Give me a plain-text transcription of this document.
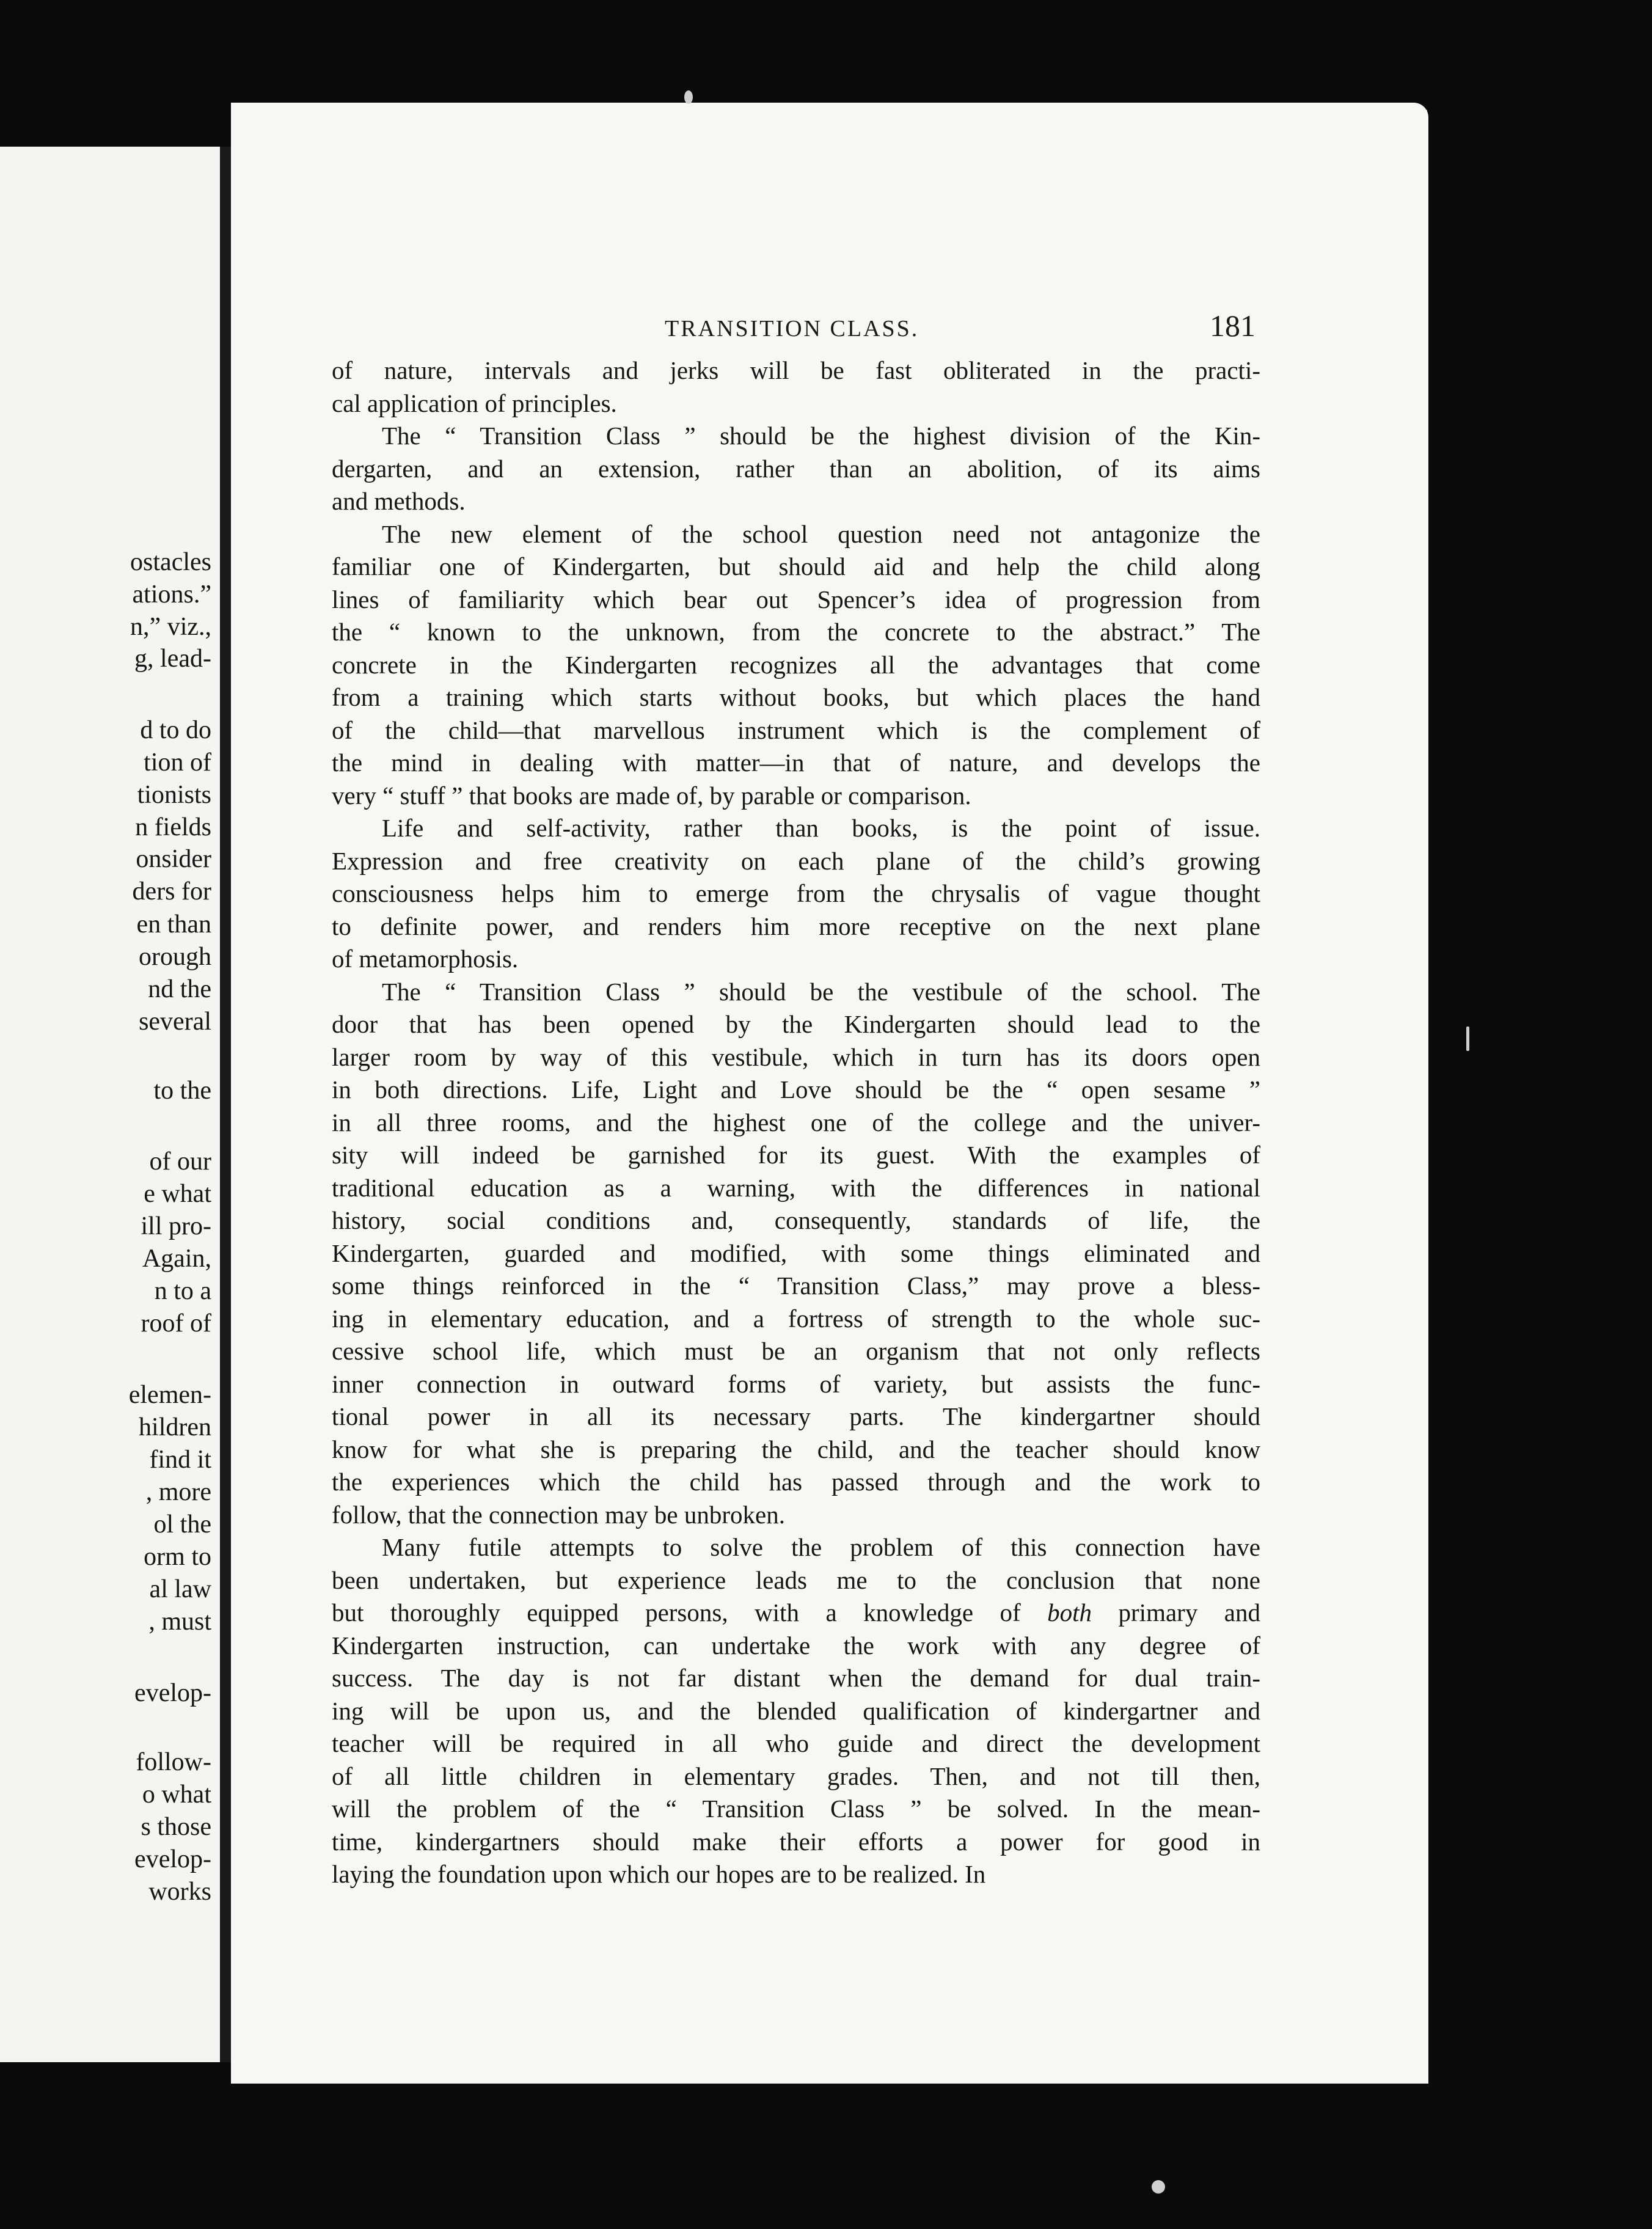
ostacles
ations.”
n,” viz.,
g, lead-
d to do
tion of
tionists
n fields
onsider
ders for
en than
orough
nd the
several
to the
of our
e what
ill pro-
Again,
n to a
roof of
elemen-
hildren
find it
, more
ol the
orm to
al law
, must
evelop-
follow-
o what
s those
evelop-
works
TRANSITION CLASS.	181

of nature, intervals and jerks will be fast obliterated in the practi-

cal application of principles.

The “ Transition Class ” should be the highest division of the Kin-

dergarten, and an extension, rather than an abolition, of its aims

and methods.

The new element of the school question need not antagonize the

familiar one of Kindergarten, but should aid and help the child along

lines of familiarity which bear out Spencer’s idea of progression from

the “ known to the unknown, from the concrete to the abstract.” The

concrete in the Kindergarten recognizes all the advantages that come

from a training which starts without books, but which places the hand

of the child—that marvellous instrument which is the complement of

the mind in dealing with matter—in that of nature, and develops the

very “ stuff ” that books are made of, by parable or comparison.

Life and self-activity, rather than books, is the point of issue.

Expression and free creativity on each plane of the child’s growing

consciousness helps him to emerge from the chrysalis of vague thought

to definite power, and renders him more receptive on the next plane

of metamorphosis.

The “ Transition Class ” should be the vestibule of the school. The

door that has been opened by the Kindergarten should lead to the

larger room by way of this vestibule, which in turn has its doors open

in both directions. Life, Light and Love should be the “ open sesame ”

in all three rooms, and the highest one of the college and the univer-

sity will indeed be garnished for its guest. With the examples of

traditional education as a warning, with the differences in national

history, social conditions and, consequently, standards of life, the

Kindergarten, guarded and modified, with some things eliminated and

some things reinforced in the “ Transition Class,” may prove a bless-

ing in elementary education, and a fortress of strength to the whole suc-

cessive school life, which must be an organism that not only reflects

inner connection in outward forms of variety, but assists the func-

tional power in all its necessary parts. The kindergartner should

know for what she is preparing the child, and the teacher should know

the experiences which the child has passed through and the work to

follow, that the connection may be unbroken.

Many futile attempts to solve the problem of this connection have

been undertaken, but experience leads me to the conclusion that none

but thoroughly equipped persons, with a knowledge of both primary and

Kindergarten instruction, can undertake the work with any degree of

success. The day is not far distant when the demand for dual train-

ing will be upon us, and the blended qualification of kindergartner and

teacher will be required in all who guide and direct the development

of all little children in elementary grades. Then, and not till then,

will the problem of the “ Transition Class ” be solved. In the mean-

time, kindergartners should make their efforts a power for good in

laying the foundation upon which our hopes are to be realized. In
